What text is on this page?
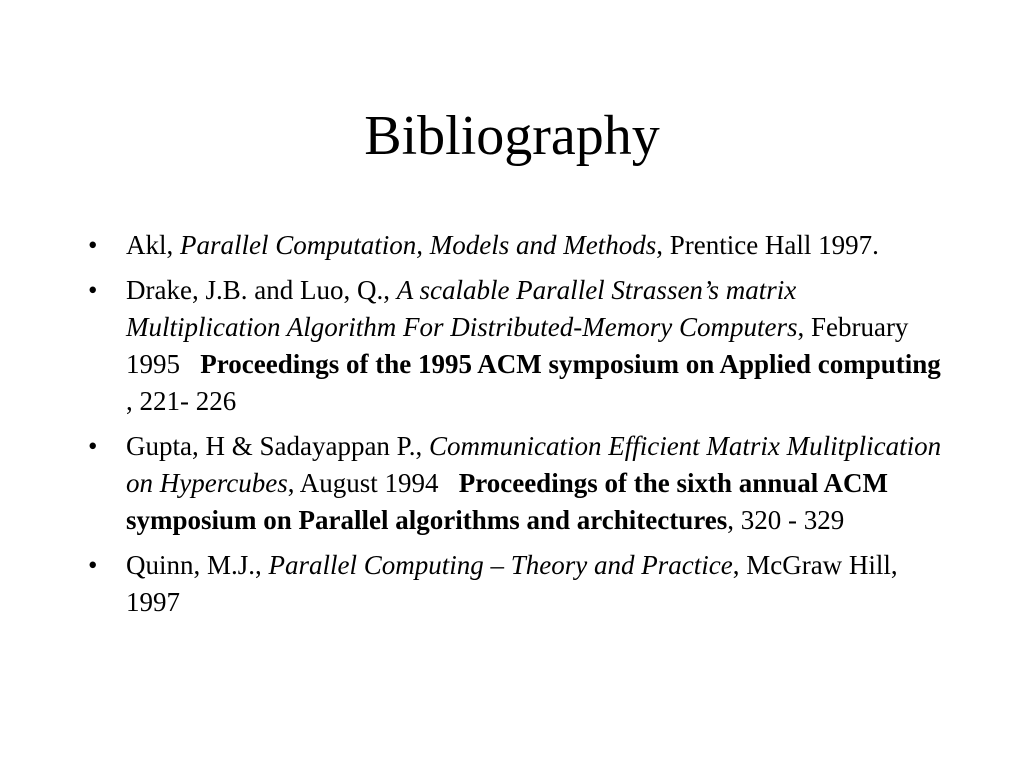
Bibliography
•	Akl, Parallel Computation, Models and Methods, Prentice Hall 1997.
•	Drake, J.B. and Luo, Q., A scalable Parallel Strassen’s matrix Multiplication Algorithm For Distributed-Memory Computers, February 1995 Proceedings of the 1995 ACM symposium on Applied computing , 221- 226
•	Gupta, H & Sadayappan P., Communication Efficient Matrix Mulitplication on Hypercubes, August 1994 Proceedings of the sixth annual ACM symposium on Parallel algorithms and architectures, 320 - 329
•	Quinn, M.J., Parallel Computing – Theory and Practice, McGraw Hill, 1997
